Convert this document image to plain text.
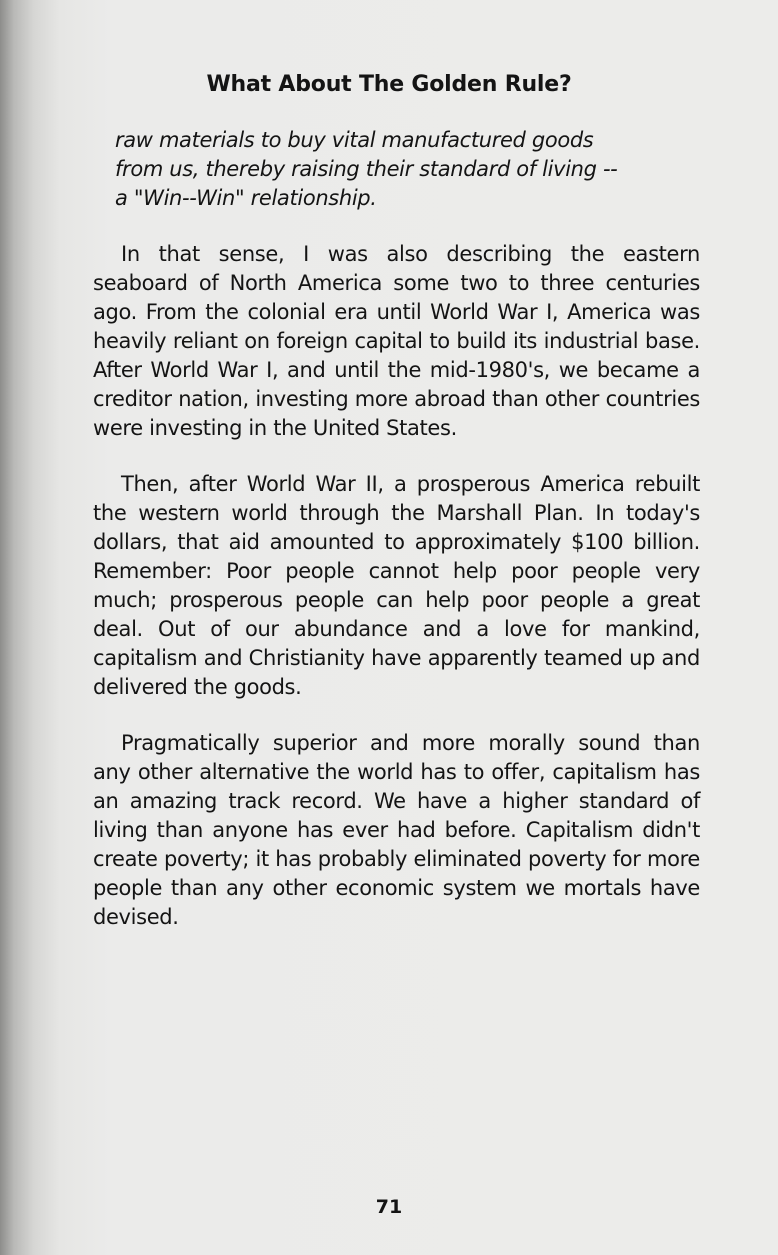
What About The Golden Rule?

raw materials to buy vital manufactured goods
from us, thereby raising their standard of living --
a "Win--Win" relationship.

In that sense, I was also describing the eastern seaboard of North America some two to three centuries ago. From the colonial era until World War I, America was heavily reliant on foreign capital to build its industrial base. After World War I, and until the mid-1980's, we became a creditor nation, investing more abroad than other countries were investing in the United States.

Then, after World War II, a prosperous America rebuilt the western world through the Marshall Plan. In today's dollars, that aid amounted to approximately $100 billion. Remember: Poor people cannot help poor people very much; prosperous people can help poor people a great deal. Out of our abundance and a love for mankind, capitalism and Christianity have apparently teamed up and delivered the goods.

Pragmatically superior and more morally sound than any other alternative the world has to offer, capitalism has an amazing track record. We have a higher standard of living than anyone has ever had before. Capitalism didn't create poverty; it has probably eliminated poverty for more people than any other economic system we mortals have devised.

71
